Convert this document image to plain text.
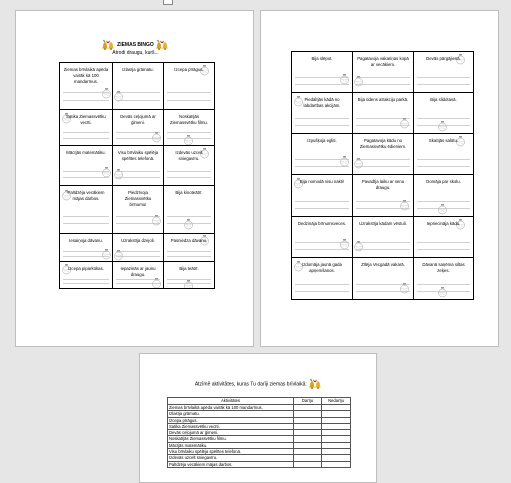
ZIEMAS BINGO
Atrodi draugu, kurš...
Ziemas brīvlaikā apēda vairāk kā 100 mandarīnus.	Izlasīja grāmatu.	Izcepa pīrāgus.

Satika Ziemassvētku vecīti.	Devās ceļojumā ar ģimeni.	Noskatījās Ziemassvētku filmu.

Mācījās matemātiku.	Visu brīvlaiku spēlēja spēlītes telefonā.	Izdevās uzcelt sniegavīru.

Palīdzēja vecākiem mājas darbos.	Piedzīvoja Ziemassvētku brīnumu!	Bija kinoteātrī.

Iesaiņoja dāvanu.	Uzrakstīja dzejoli.	Pasniedza dāvanu.

Izcepa piparkūkas.	Iepazinās ar jaunu draugu.	Bija teātrī.
Bija slēpot.	Pagatavoja vakariņas kopā ar vecākiem.	Devās pārgājienā.

Piedalījās kādā no labdarības akcijām.	Bija ūdens atrakciju parkā.	Bija slidotavā.

Izpušķoja egliti.	Pagatavoja kādu no Ziemassvētku ēdieniem.	Skatījās salūtu.

Bija nomodā visu nakti!	Pavadīja laiku ar senu draugu.	Domāja par skolu.

Dedzināja brīnumsveces.	Uzrakstīja kādam vēstuli.	Iepriecināja kādu.

Izdomāja jaunā gada apņemšanos.	Zīlēja Vecgadā vakarā.	Dāvanā saņēma siltas zeķes.
Atzīmē aktivitātes, kuras Tu darīji ziemas brīvlaikā:
Aktivitātes	Darīju	Nedarīju
Ziemas brīvlaikā apēda vairāk kā 100 mandarīnus.		
Izlasīja grāmatu.		
Izcepa pīrāgus.		
Satika Ziemassvētku vecīti.		
Devās ceļojumā ar ģimeni.		
Noskatījās Ziemassvētku filmu.		
Mācījās matemātiku.		
Visu brīvlaiku spēlēja spēlītes telefonā.		
Izdevās uzcelt sniegavīru.		
Palīdzēja vecākiem mājas darbos.		
